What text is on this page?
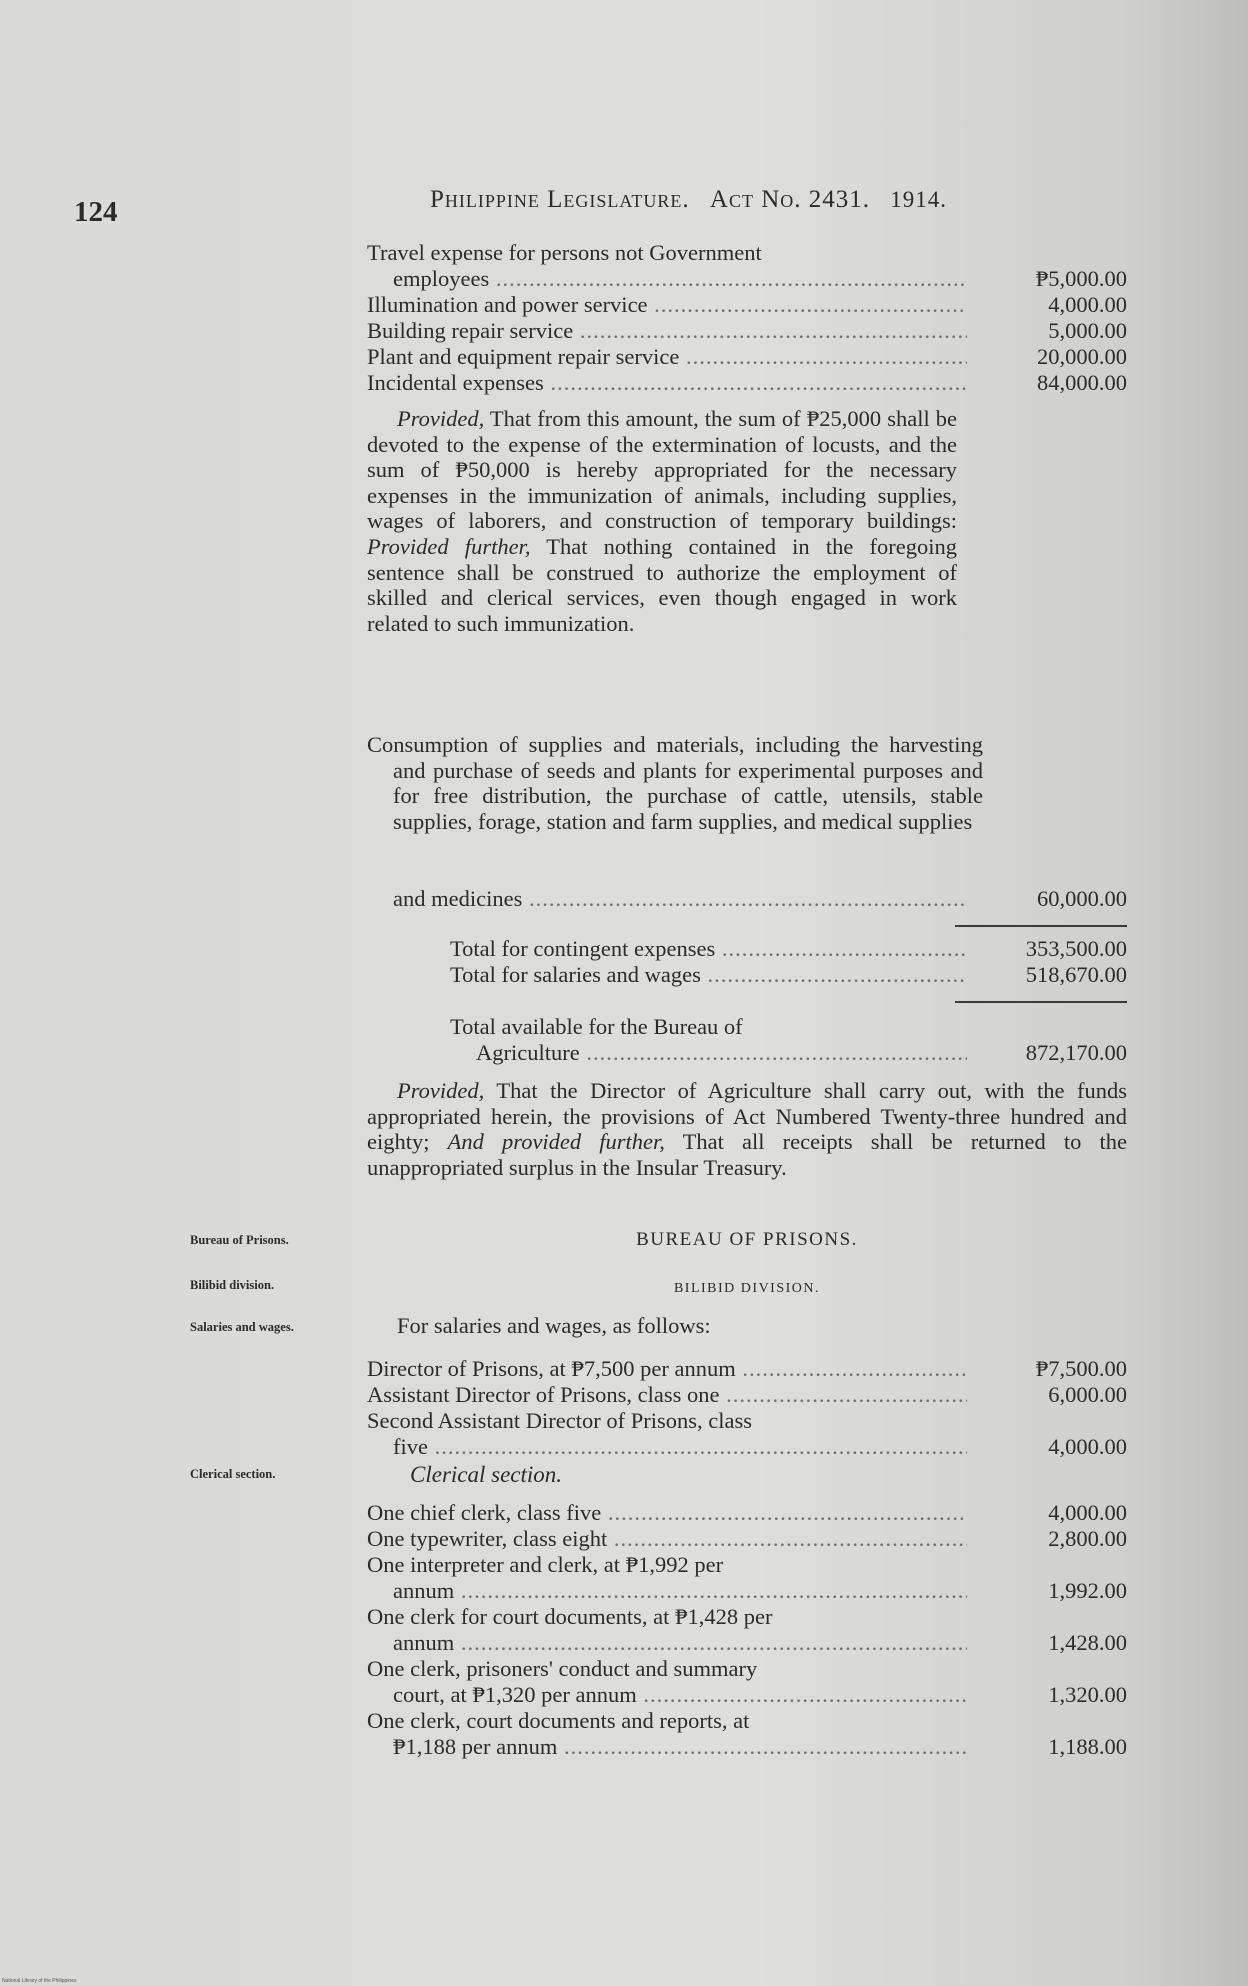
124	Philippine Legislature. Act No. 2431. 1914.
Travel expense for persons not Government
employees .....	₱5,000.00
Illumination and power service .....	4,000.00
Building repair service .....	5,000.00
Plant and equipment repair service .....	20,000.00
Incidental expenses .....	84,000.00

Provided, That from this amount, the sum of ₱25,000 shall be devoted to the expense of the extermination of locusts, and the sum of ₱50,000 is hereby appropriated for the necessary expenses in the immunization of animals, including supplies, wages of laborers, and construction of temporary buildings: Provided further, That nothing contained in the foregoing sentence shall be construed to authorize the employment of skilled and clerical services, even though engaged in work related to such immunization.

Consumption of supplies and materials, including the harvesting and purchase of seeds and plants for experimental purposes and for free distribution, the purchase of cattle, utensils, stable supplies, forage, station and farm supplies, and medical supplies

and medicines .....	60,000.00
Total for contingent expenses .....	353,500.00
Total for salaries and wages .....	518,670.00
Total available for the Bureau of
Agriculture .....	872,170.00

Provided, That the Director of Agriculture shall carry out, with the funds appropriated herein, the provisions of Act Numbered Twenty-three hundred and eighty; And provided further, That all receipts shall be returned to the unappropriated surplus in the Insular Treasury.

Bureau of Prisons.	BUREAU OF PRISONS.
Bilibid division.	BILIBID DIVISION.
Salaries and wages.	For salaries and wages, as follows:
Director of Prisons, at ₱7,500 per annum .....	₱7,500.00
Assistant Director of Prisons, class one .....	6,000.00
Second Assistant Director of Prisons, class
five .....	4,000.00
Clerical section.	Clerical section.
One chief clerk, class five .....	4,000.00
One typewriter, class eight .....	2,800.00
One interpreter and clerk, at ₱1,992 per
annum .....	1,992.00
One clerk for court documents, at ₱1,428 per
annum .....	1,428.00
One clerk, prisoners' conduct and summary
court, at ₱1,320 per annum .....	1,320.00
One clerk, court documents and reports, at
₱1,188 per annum .....	1,188.00
National Library of the Philippines
